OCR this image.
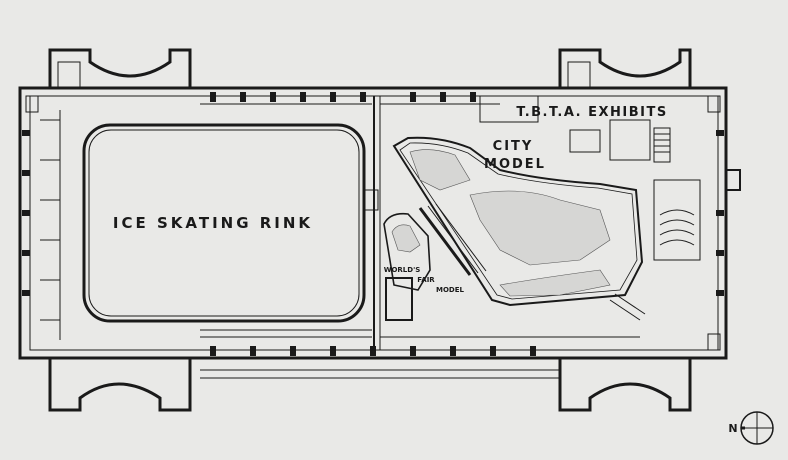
ICE SKATING RINK
T.B.T.A. EXHIBITS
CITY
MODEL
WORLD'S
FAIR
MODEL
N
